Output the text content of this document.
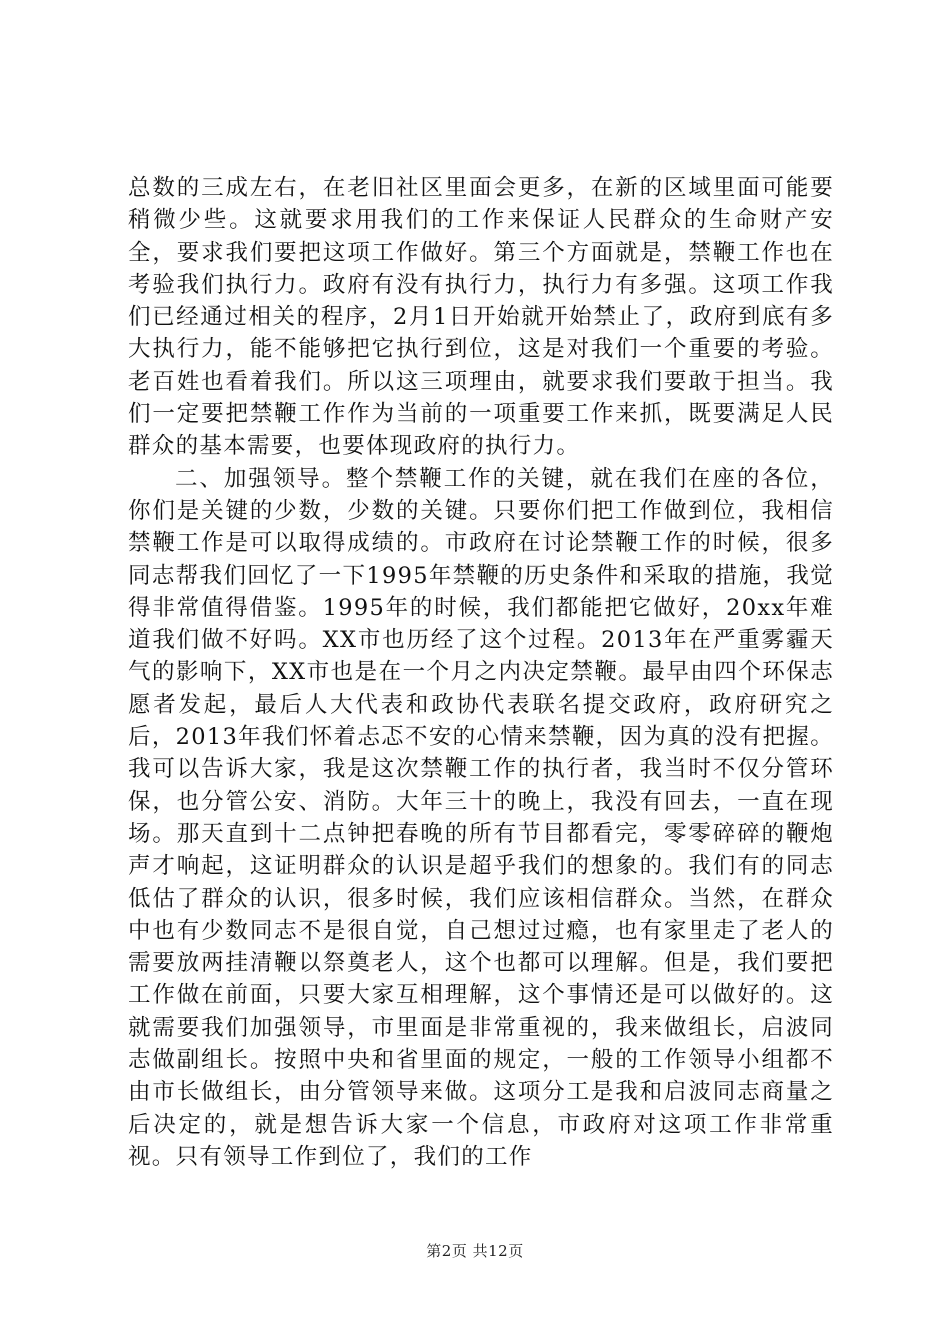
总数的三成左右，在老旧社区里面会更多，在新的区域里面可能要稍微少些。这就要求用我们的工作来保证人民群众的生命财产安全，要求我们要把这项工作做好。第三个方面就是，禁鞭工作也在考验我们执行力。政府有没有执行力，执行力有多强。这项工作我们已经通过相关的程序，2月1日开始就开始禁止了，政府到底有多大执行力，能不能够把它执行到位，这是对我们一个重要的考验。老百姓也看着我们。所以这三项理由，就要求我们要敢于担当。我们一定要把禁鞭工作作为当前的一项重要工作来抓，既要满足人民群众的基本需要，也要体现政府的执行力。

二、加强领导。整个禁鞭工作的关键，就在我们在座的各位，你们是关键的少数，少数的关键。只要你们把工作做到位，我相信禁鞭工作是可以取得成绩的。市政府在讨论禁鞭工作的时候，很多同志帮我们回忆了一下1995年禁鞭的历史条件和采取的措施，我觉得非常值得借鉴。1995年的时候，我们都能把它做好，20xx年难道我们做不好吗。XX市也历经了这个过程。2013年在严重雾霾天气的影响下，XX市也是在一个月之内决定禁鞭。最早由四个环保志愿者发起，最后人大代表和政协代表联名提交政府，政府研究之后，2013年我们怀着忐忑不安的心情来禁鞭，因为真的没有把握。我可以告诉大家，我是这次禁鞭工作的执行者，我当时不仅分管环保，也分管公安、消防。大年三十的晚上，我没有回去，一直在现场。那天直到十二点钟把春晚的所有节目都看完，零零碎碎的鞭炮声才响起，这证明群众的认识是超乎我们的想象的。我们有的同志低估了群众的认识，很多时候，我们应该相信群众。当然，在群众中也有少数同志不是很自觉，自己想过过瘾，也有家里走了老人的需要放两挂清鞭以祭奠老人，这个也都可以理解。但是，我们要把工作做在前面，只要大家互相理解，这个事情还是可以做好的。这就需要我们加强领导，市里面是非常重视的，我来做组长，启波同志做副组长。按照中央和省里面的规定，一般的工作领导小组都不由市长做组长，由分管领导来做。这项分工是我和启波同志商量之后决定的，就是想告诉大家一个信息，市政府对这项工作非常重视。只有领导工作到位了，我们的工作

第2页 共12页
